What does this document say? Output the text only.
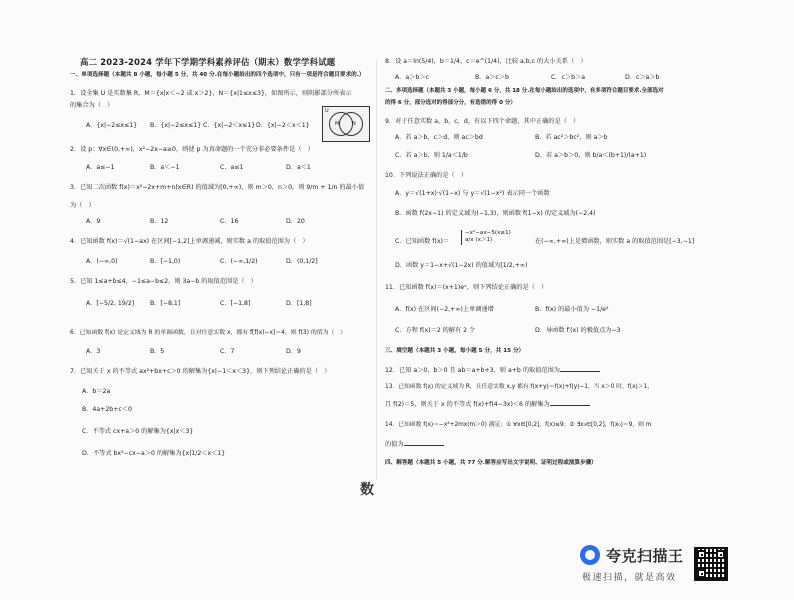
高二 2023-2024 学年下学期学科素养评估（期末）数学学科试题
一、单项选择题（本题共 8 小题，每小题 5 分，共 40 分.在每小题给出的四个选项中，只有一项是符合题目要求的.）
1．设全集 U 是实数集 R，M＝{x|x＜−2 或 x＞2}，N＝{x|1≤x≤3}，如图所示，则阴影部分所表示
的集合为（　）
A．{x|−2≤x≤1} B．{x|−2≤x≤1} C．{x|−2＜x≤1} D．{x|−2＜x＜1}
2．设 p：∀x∈(0,+∞)，x²−2x−a≥0，则使 p 为真命题的一个充分非必要条件是（　）
A．a≤−1	B．a＜−1	C．a≤1	D．a＜1
3．已知二次函数 f(x)＝x²−2x+m+n(x∈R) 的值域为[0,+∞)，则 m＞0，n＞0，则 9/m + 1/n 的最小值
为（　）
A．9	B．12	C．16	D．20
4．已知函数 f(x)＝√(1−ax) 在区间[−1,2]上单调递减，则实数 a 的取值范围为（　）
A．(−∞,0)	B．[−1,0)	C．(−∞,1/2)	D．(0,1/2]
5．已知 1≤a+b≤4，−1≤a−b≤2，则 3a−b 的取值范围是（　）
A．[−5/2, 19/2]	B．[−8,1]	C．[−1,8]	D．[1,8]
6．已知函数 f(x) 是定义域为 R 的单调函数，且对任意实数 x，都有 f[f(x)−x]＝4，则 f(3) 的值为（　）
A．3	B．5	C．7	D．9
7．已知关于 x 的不等式 ax²+bx+c＞0 的解集为{x|−1＜x＜3}，则下列结论正确的是（　）
A．b＝2a
B．4a+2b+c＜0
C．不等式 cx+a＞0 的解集为{x|x＜3}
D．不等式 bx²−cx−a＞0 的解集为{x|1/2＜x＜1}
U
M	N
8．设 a＝ln(5/4)，b＝1/4，c＝e^(1/4)，比较 a,b,c 的大小关系（　）
A．a＞b＞c	B．a＞c＞b	C．c＞b＞a	D．c＞a＞b
二、多项选择题（本题共 3 小题，每小题 6 分，共 18 分.在每小题给出的选项中，有多项符合题目要求.全部选对
的得 6 分，部分选对的得部分分，有选错的得 0 分）
9．对于任意实数 a，b，c，d，有以下四个命题，其中正确的是（　）
A．若 a＞b，c＞d，则 ac＞bd	B．若 ac²＞bc²，则 a＞b
C．若 a＞b，则 1/a＜1/b	D．若 a＞b＞0，则 b/a＜(b+1)/(a+1)
10．下列说法正确的是（　）
A．y＝√(1+x)·√(1−x) 与 y＝√(1−x²) 表示同一个函数
B．函数 f(2x−1) 的定义域为(−1,3)，则函数 f(1−x) 的定义域为(−2,4)
C．已知函数 f(x)＝
−x²−ax−5(x≤1)
a/x (x＞1)	在(−∞,+∞)上是增函数，则实数 a 的取值范围是[−3,−1]
D．函数 y＝1−x+√(1−2x) 的值域为[1/2,+∞)
11．已知函数 f(x)＝(x+1)eˣ，则下列结论正确的是（　）
A．f(x) 在区间(−2,+∞)上单调递增	B．f(x) 的最小值为 −1/e²
C．方程 f(x)＝2 的解有 2 个	D．导函数 f′(x) 的极值点为−3
三、填空题（本题共 3 小题，每小题 5 分，共 15 分）
12．已知 a＞0，b＞0 且 ab＝a+b+3，则 a+b 的取值范围为
13．已知函数 f(x) 的定义域为 R，且任意实数 x,y 都有 f(x+y)＝f(x)+f(y)−1，当 x＞0 时，f(x)＞1，
且 f(2)＝5，则关于 x 的不等式 f(x)+f(4−3x)＜6 的解集为
14．已知函数 f(x)＝−x²+2mx(m＞0) 满足：① ∀x∈[0,2]，f(x)≤9；② ∃x₀∈[0,2]，f(x₀)＝9，则 m
的值为
四、解答题（本题共 5 小题，共 77 分.解答应写出文字说明、证明过程或演算步骤）
数
夸克扫描王
极速扫描，就是高效
